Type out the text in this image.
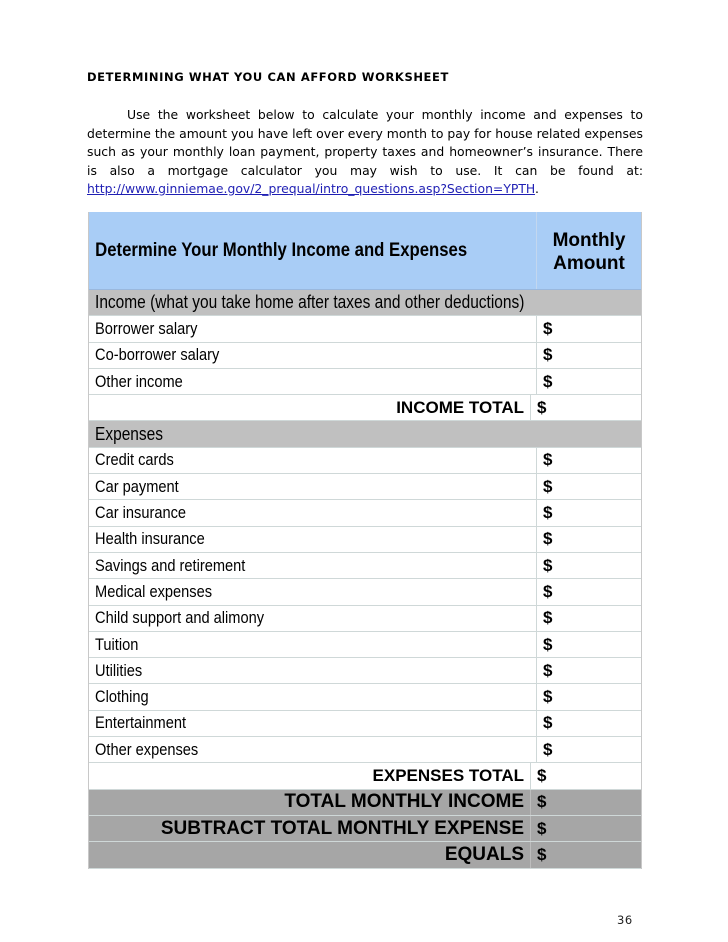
DETERMINING WHAT YOU CAN AFFORD WORKSHEET
Use the worksheet below to calculate your monthly income and expenses to determine the amount you have left over every month to pay for house related expenses such as your monthly loan payment, property taxes and homeowner’s insurance. There is also a mortgage calculator you may wish to use. It can be found at: http://www.ginniemae.gov/2_prequal/intro_questions.asp?Section=YPTH.
Determine Your Monthly Income and Expenses	Monthly
Amount
Income (what you take home after taxes and other deductions)
Borrower salary	$
Co-borrower salary	$
Other income	$
INCOME TOTAL $
Expenses
Credit cards	$
Car payment	$
Car insurance	$
Health insurance	$
Savings and retirement	$
Medical expenses	$
Child support and alimony	$
Tuition	$
Utilities	$
Clothing	$
Entertainment	$
Other expenses	$
EXPENSES TOTAL $
TOTAL MONTHLY INCOME $
SUBTRACT TOTAL MONTHLY EXPENSE $
EQUALS $
36
